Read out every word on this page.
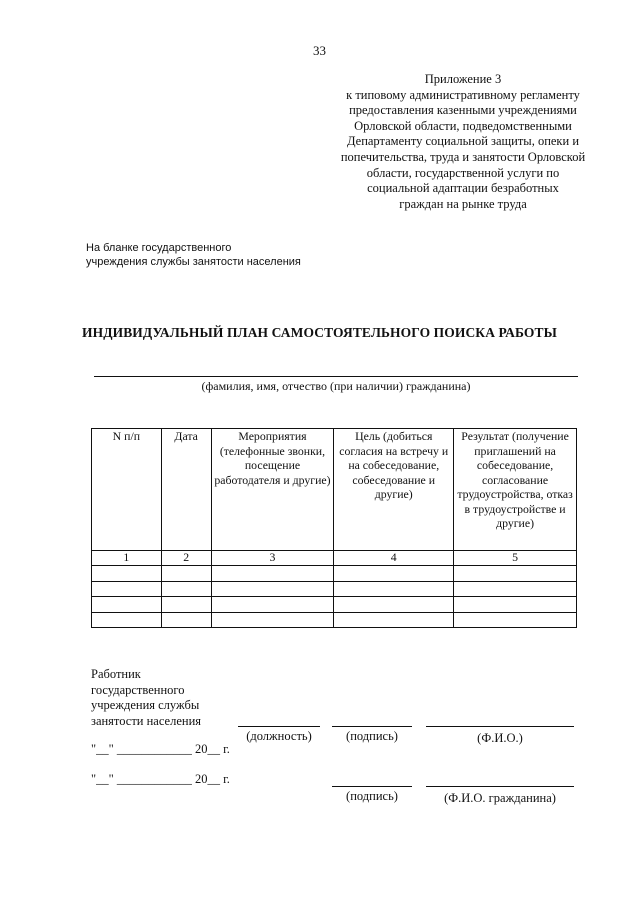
33
Приложение 3
к типовому административному регламенту
предоставления казенными учреждениями
Орловской области, подведомственными
Департаменту социальной защиты, опеки и
попечительства, труда и занятости Орловской
области, государственной услуги по
социальной адаптации безработных
граждан на рынке труда
На бланке государственного
учреждения службы занятости населения
ИНДИВИДУАЛЬНЫЙ ПЛАН САМОСТОЯТЕЛЬНОГО ПОИСКА РАБОТЫ
(фамилия, имя, отчество (при наличии) гражданина)
N п/п	Дата	Мероприятия (телефонные звонки, посещение работодателя и другие)	Цель (добиться согласия на встречу и на собеседование, собеседование и другие)	Результат (получение приглашений на собеседование, согласование трудоустройства, отказ в трудоустройстве и другие)
1	2	3	4	5

Работник
государственного
учреждения службы
занятости населения
(должность)	(подпись)	(Ф.И.О.)
"__" ____________ 20__ г.
"__" ____________ 20__ г.
(подпись)	(Ф.И.О. гражданина)
